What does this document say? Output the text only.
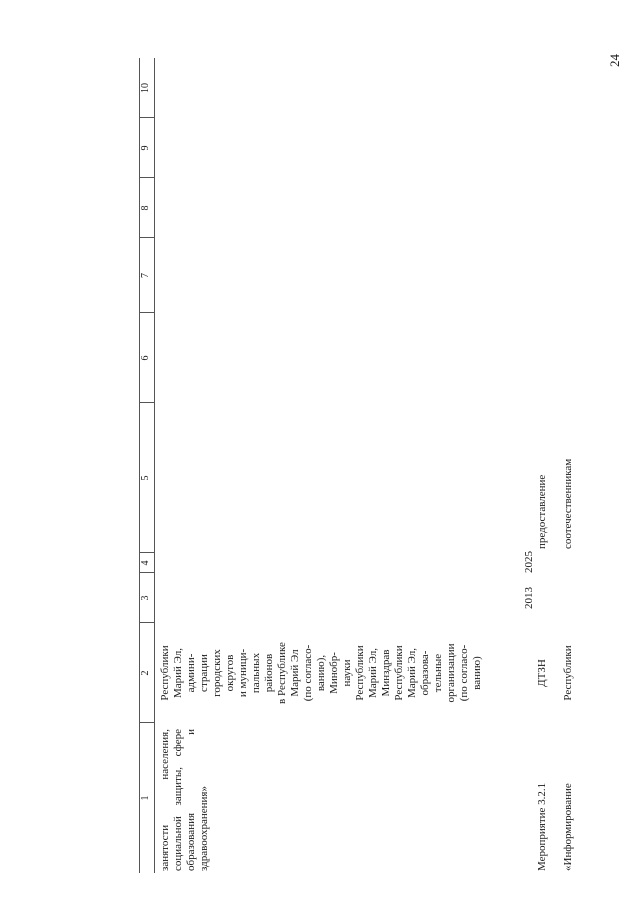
24
1
2
3
4
5
6
7
8
9
10
занятости населения, социальной защиты, сфере образования и здравоохранения»
Республики Марий Эл, админи- страции городских округов и муници- пальных районов в Республике Марий Эл (по согласо- ванию), Минобр- науки Республики Марий Эл, Минздрав Республики Марий Эл, образова- тельные организации (по согласо- ванию)

Мероприятие 3.2.1 «Информирование

ДТЗН Республики

2013
2025

предоставление соотечественникам
